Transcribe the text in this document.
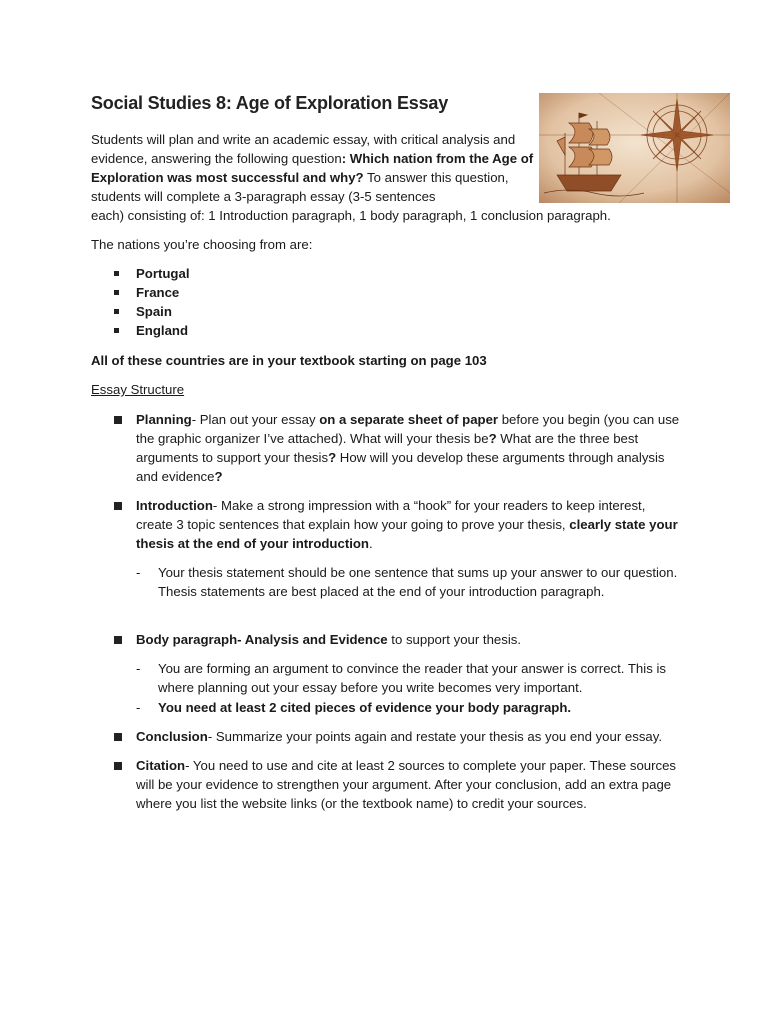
Social Studies 8: Age of Exploration Essay
Students will plan and write an academic essay, with critical analysis and evidence, answering the following question: Which nation from the Age of Exploration was most successful and why? To answer this question, students will complete a 3-paragraph essay (3-5 sentences
each) consisting of: 1 Introduction paragraph, 1 body paragraph, 1 conclusion paragraph.
The nations you’re choosing from are:
Portugal
France
Spain
England
All of these countries are in your textbook starting on page 103
Essay Structure
Planning- Plan out your essay on a separate sheet of paper before you begin (you can use the graphic organizer I’ve attached). What will your thesis be? What are the three best arguments to support your thesis? How will you develop these arguments through analysis and evidence?
Introduction- Make a strong impression with a “hook” for your readers to keep interest, create 3 topic sentences that explain how your going to prove your thesis, clearly state your thesis at the end of your introduction.
- Your thesis statement should be one sentence that sums up your answer to our question. Thesis statements are best placed at the end of your introduction paragraph.
Body paragraph- Analysis and Evidence to support your thesis.
- You are forming an argument to convince the reader that your answer is correct. This is where planning out your essay before you write becomes very important.
- You need at least 2 cited pieces of evidence your body paragraph.
Conclusion- Summarize your points again and restate your thesis as you end your essay.
Citation- You need to use and cite at least 2 sources to complete your paper. These sources will be your evidence to strengthen your argument. After your conclusion, add an extra page where you list the website links (or the textbook name) to credit your sources.
